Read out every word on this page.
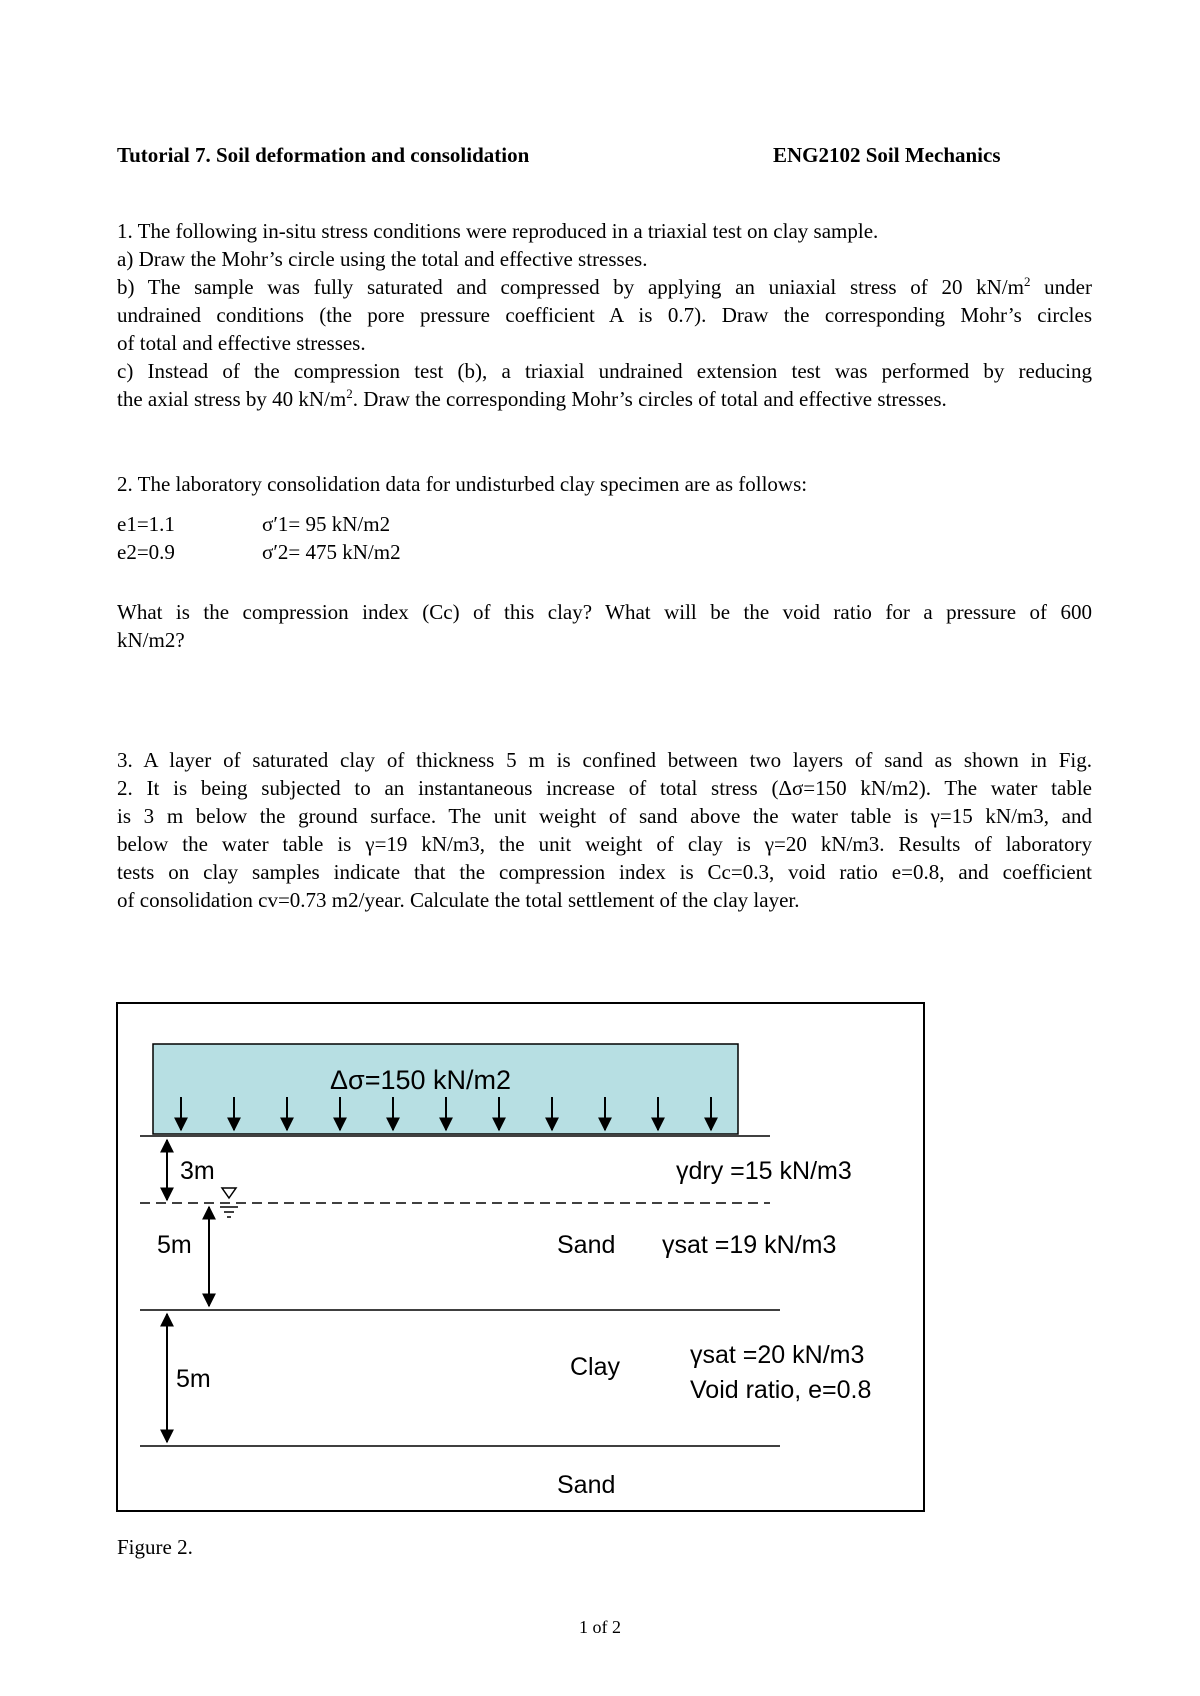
Tutorial 7. Soil deformation and consolidation	ENG2102 Soil Mechanics
1. The following in-situ stress conditions were reproduced in a triaxial test on clay sample.
a) Draw the Mohr’s circle using the total and effective stresses.
b) The sample was fully saturated and compressed by applying an uniaxial stress of 20 $kN/m^2$ under
undrained conditions (the pore pressure coefficient A is 0.7). Draw the corresponding Mohr’s circles
of total and effective stresses.
c) Instead of the compression test (b), a triaxial undrained extension test was performed by reducing
the axial stress by 40 $kN/m^2$. Draw the corresponding Mohr’s circles of total and effective stresses.
2. The laboratory consolidation data for undisturbed clay specimen are as follows:
e1=1.1	σ′1= 95 kN/m2
e2=0.9	σ′2= 475 kN/m2
What is the compression index (Cc) of this clay? What will be the void ratio for a pressure of 600
kN/m2?
3. A layer of saturated clay of thickness 5 m is confined between two layers of sand as shown in Fig.
2. It is being subjected to an instantaneous increase of total stress (Δσ=150 kN/m2). The water table
is 3 m below the ground surface. The unit weight of sand above the water table is γ=15 kN/m3, and
below the water table is γ=19 kN/m3, the unit weight of clay is γ=20 kN/m3. Results of laboratory
tests on clay samples indicate that the compression index is Cc=0.3, void ratio e=0.8, and coefficient
of consolidation cv=0.73 m2/year. Calculate the total settlement of the clay layer.
Δσ=150 kN/m2
3m
5m
5m
γdry =15 kN/m3
Sand γsat =19 kN/m3
Clay	γsat =20 kN/m3
Void ratio, e=0.8
Sand
Figure 2.
1 of 2
